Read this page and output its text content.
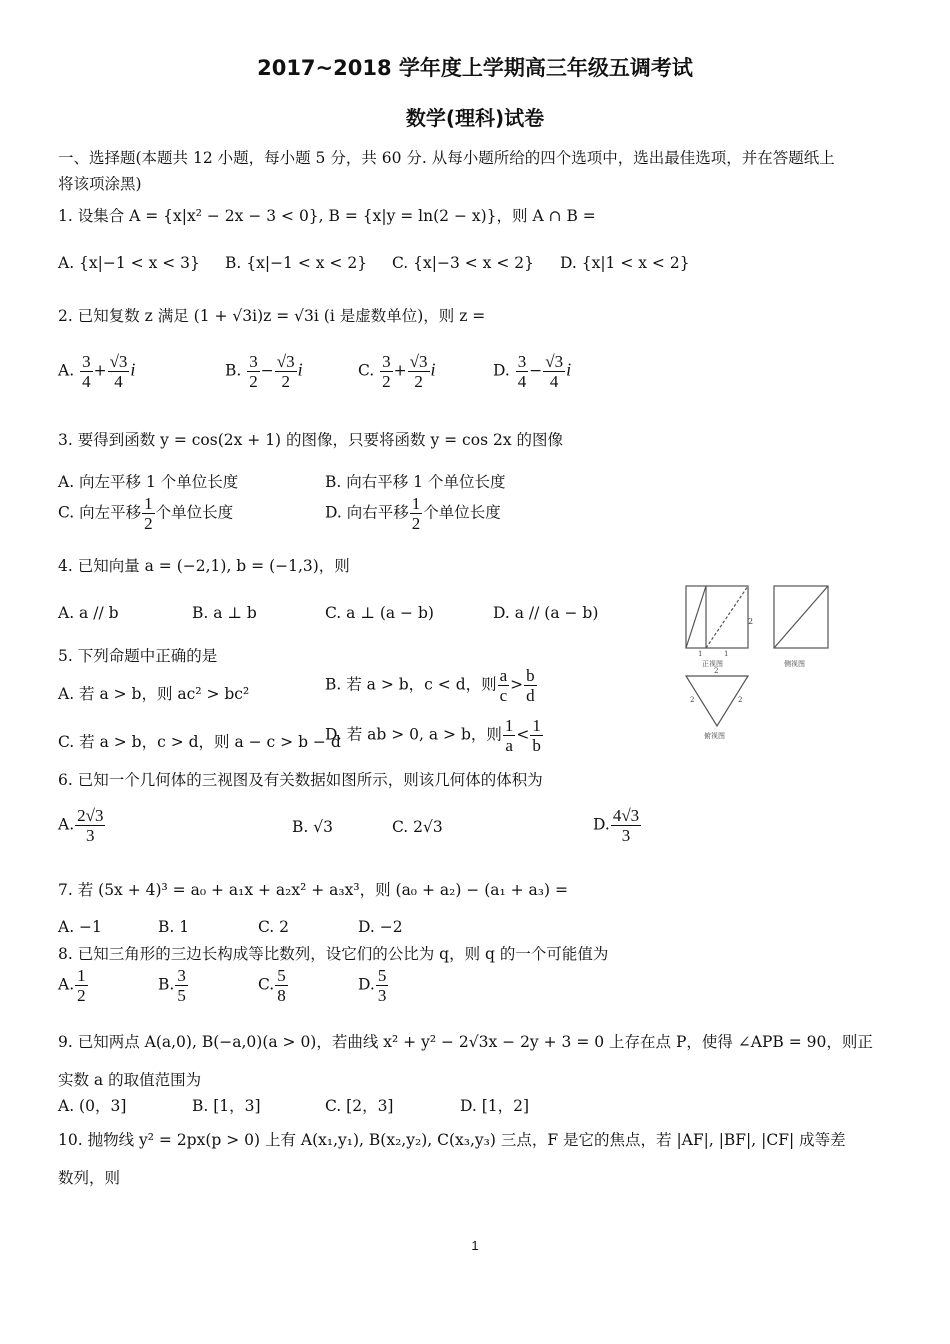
2017~2018 学年度上学期高三年级五调考试
数学(理科)试卷
一、选择题(本题共 12 小题，每小题 5 分，共 60 分. 从每小题所给的四个选项中，选出最佳选项，并在答题纸上
将该项涂黑)
1. 设集合 A = {x|x² − 2x − 3 < 0}, B = {x|y = ln(2 − x)}，则 A ∩ B =
A. {x|−1 < x < 3} B. {x|−1 < x < 2} C. {x|−3 < x < 2} D. {x|1 < x < 2}
2. 已知复数 z 满足 (1 + √3i)z = √3i (i 是虚数单位)，则 z =
A. $\frac{3}{4} + \frac{√3}{4}$ i	B. $\frac{3}{2} - \frac{√3}{2}$ i	C. $\frac{3}{2} + \frac{√3}{2}$ i	D. $\frac{3}{4} - \frac{√3}{4}$ i
3. 要得到函数 y = cos(2x + 1) 的图像，只要将函数 y = cos 2x 的图像
A. 向左平移 1 个单位长度	B. 向右平移 1 个单位长度
C. 向左平移 $\frac{1}{2}$ 个单位长度	D. 向右平移 $\frac{1}{2}$ 个单位长度
4. 已知向量 a = (−2,1), b = (−1,3)，则
A. a // b	B. a ⊥ b	C. a ⊥ (a − b)	D. a // (a − b)
5. 下列命题中正确的是
A. 若 a > b，则 ac² > bc²
B. 若 a > b，c < d，则 $\frac{a}{c} > \frac{b}{d}$
C. 若 a > b，c > d，则 a − c > b − d
D. 若 ab > 0, a > b，则 $\frac{1}{a} < \frac{1}{b}$
2
1	1
正视图	侧视图
2
2	2
俯视图
6. 已知一个几何体的三视图及有关数据如图所示，则该几何体的体积为
A. $\frac{2√3}{3}$	B. √3	C. 2√3	D. $\frac{4√3}{3}$
7. 若 (5x + 4)³ = a₀ + a₁x + a₂x² + a₃x³，则 (a₀ + a₂) − (a₁ + a₃) =
A. −1	B. 1	C. 2	D. −2
8. 已知三角形的三边长构成等比数列，设它们的公比为 q，则 q 的一个可能值为
A. $\frac{1}{2}$	B. $\frac{3}{5}$	C. $\frac{5}{8}$	D. $\frac{5}{3}$
9. 已知两点 A(a,0), B(−a,0)(a > 0)，若曲线 x² + y² − 2√3x − 2y + 3 = 0 上存在点 P，使得 ∠APB = 90，则正
实数 a 的取值范围为
A. (0，3]	B. [1，3]	C. [2，3]	D. [1，2]
10. 抛物线 y² = 2px(p > 0) 上有 A(x₁,y₁), B(x₂,y₂), C(x₃,y₃) 三点，F 是它的焦点，若 |AF|, |BF|, |CF| 成等差
数列，则
1
